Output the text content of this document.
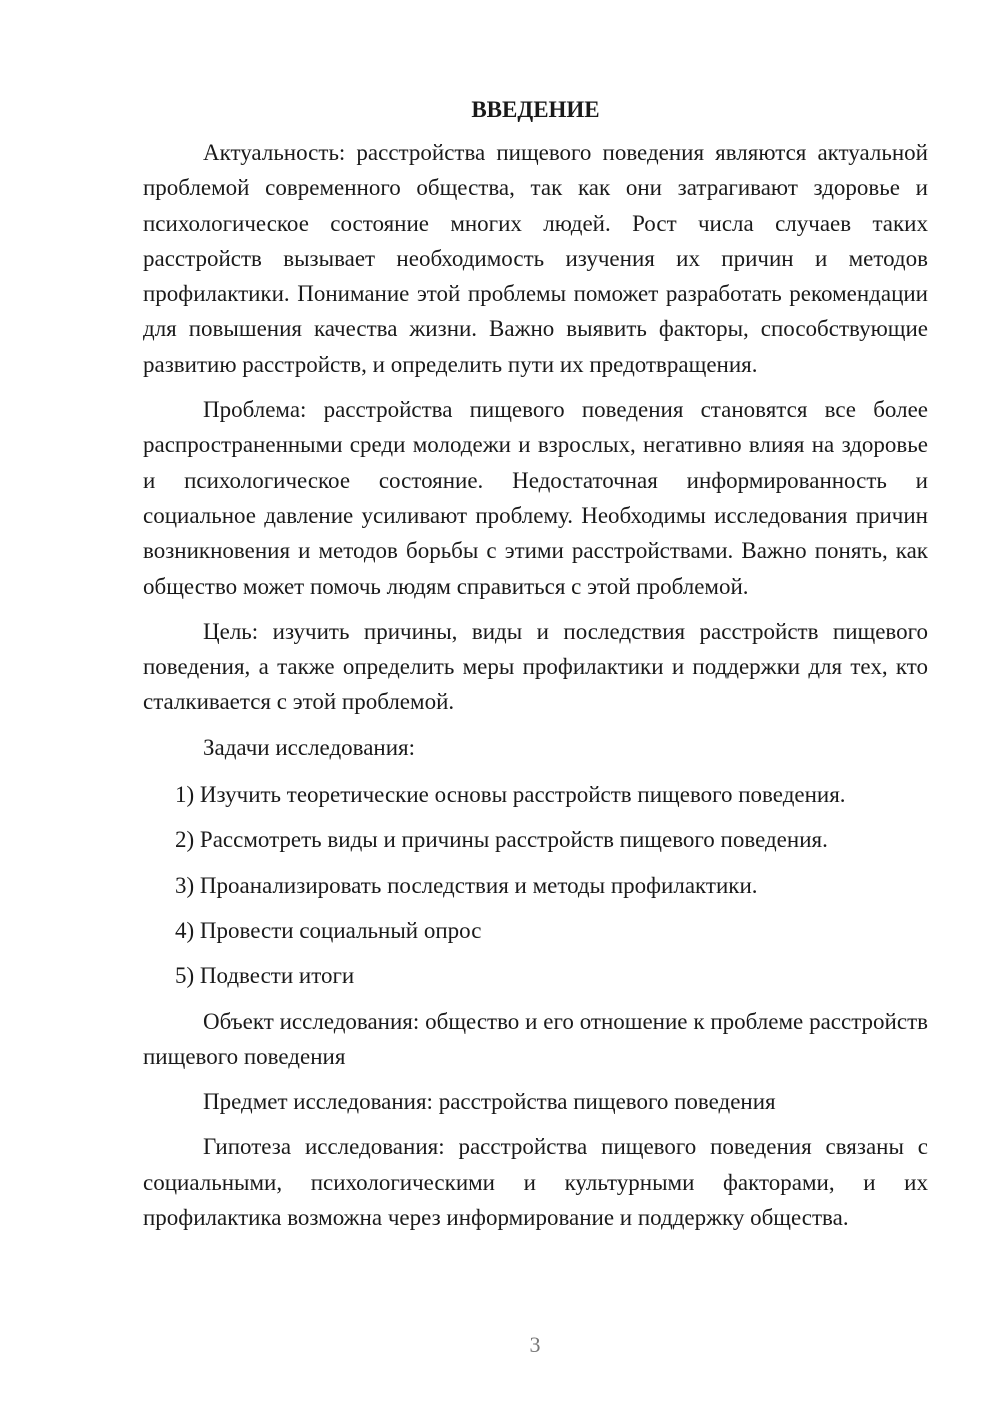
ВВЕДЕНИЕ

Актуальность: расстройства пищевого поведения являются актуальной проблемой современного общества, так как они затрагивают здоровье и психологическое состояние многих людей. Рост числа случаев таких расстройств вызывает необходимость изучения их причин и методов профилактики. Понимание этой проблемы поможет разработать рекомендации для повышения качества жизни. Важно выявить факторы, способствующие развитию расстройств, и определить пути их предотвращения.

Проблема: расстройства пищевого поведения становятся все более распространенными среди молодежи и взрослых, негативно влияя на здоровье и психологическое состояние. Недостаточная информированность и социальное давление усиливают проблему. Необходимы исследования причин возникновения и методов борьбы с этими расстройствами. Важно понять, как общество может помочь людям справиться с этой проблемой.

Цель: изучить причины, виды и последствия расстройств пищевого поведения, а также определить меры профилактики и поддержки для тех, кто сталкивается с этой проблемой.

Задачи исследования:

1) Изучить теоретические основы расстройств пищевого поведения.

2) Рассмотреть виды и причины расстройств пищевого поведения.

3) Проанализировать последствия и методы профилактики.

4) Провести социальный опрос

5) Подвести итоги

Объект исследования: общество и его отношение к проблеме расстройств пищевого поведения

Предмет исследования: расстройства пищевого поведения

Гипотеза исследования: расстройства пищевого поведения связаны с социальными, психологическими и культурными факторами, и их профилактика возможна через информирование и поддержку общества.

3
